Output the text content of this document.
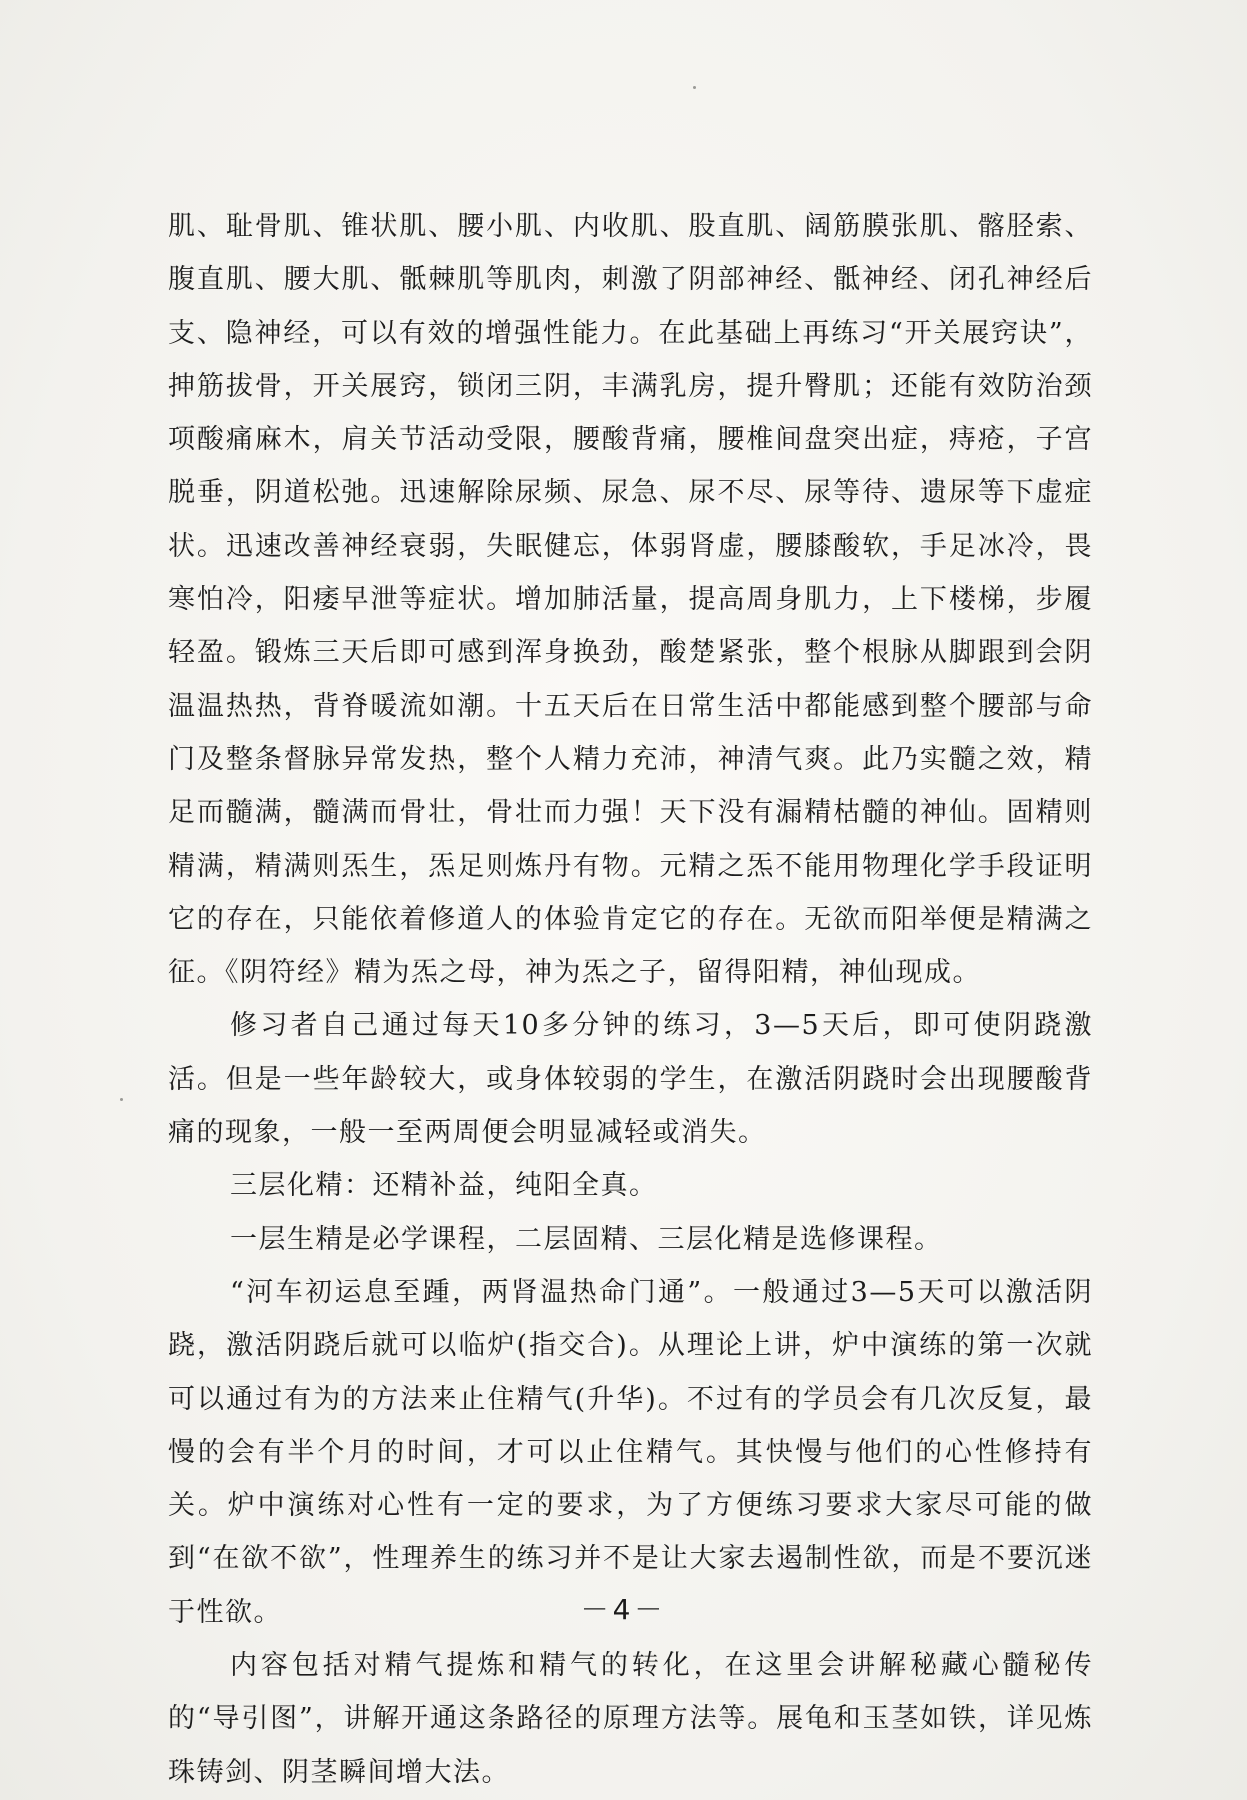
肌、耻骨肌、锥状肌、腰小肌、内收肌、股直肌、阔筋膜张肌、髂胫索、腹直肌、腰大肌、骶棘肌等肌肉，刺激了阴部神经、骶神经、闭孔神经后支、隐神经，可以有效的增强性能力。在此基础上再练习“开关展窍诀”，抻筋拔骨，开关展窍，锁闭三阴，丰满乳房，提升臀肌；还能有效防治颈项酸痛麻木，肩关节活动受限，腰酸背痛，腰椎间盘突出症，痔疮，子宫脱垂，阴道松弛。迅速解除尿频、尿急、尿不尽、尿等待、遗尿等下虚症状。迅速改善神经衰弱，失眠健忘，体弱肾虚，腰膝酸软，手足冰冷，畏寒怕冷，阳痿早泄等症状。增加肺活量，提高周身肌力，上下楼梯，步履轻盈。锻炼三天后即可感到浑身换劲，酸楚紧张，整个根脉从脚跟到会阴温温热热，背脊暖流如潮。十五天后在日常生活中都能感到整个腰部与命门及整条督脉异常发热，整个人精力充沛，神清气爽。此乃实髓之效，精足而髓满，髓满而骨壮，骨壮而力强！天下没有漏精枯髓的神仙。固精则精满，精满则炁生，炁足则炼丹有物。元精之炁不能用物理化学手段证明它的存在，只能依着修道人的体验肯定它的存在。无欲而阳举便是精满之征。《阴符经》精为炁之母，神为炁之子，留得阳精，神仙现成。

修习者自己通过每天10多分钟的练习，3—5天后，即可使阴跷激活。但是一些年龄较大，或身体较弱的学生，在激活阴跷时会出现腰酸背痛的现象，一般一至两周便会明显减轻或消失。

三层化精：还精补益，纯阳全真。

一层生精是必学课程，二层固精、三层化精是选修课程。

“河车初运息至踵，两肾温热命门通”。一般通过3—5天可以激活阴跷，激活阴跷后就可以临炉(指交合)。从理论上讲，炉中演练的第一次就可以通过有为的方法来止住精气(升华)。不过有的学员会有几次反复，最慢的会有半个月的时间，才可以止住精气。其快慢与他们的心性修持有关。炉中演练对心性有一定的要求，为了方便练习要求大家尽可能的做到“在欲不欲”，性理养生的练习并不是让大家去遏制性欲，而是不要沉迷于性欲。

内容包括对精气提炼和精气的转化，在这里会讲解秘藏心髓秘传的“导引图”，讲解开通这条路径的原理方法等。展龟和玉茎如铁，详见炼珠铸剑、阴茎瞬间增大法。

－4－
